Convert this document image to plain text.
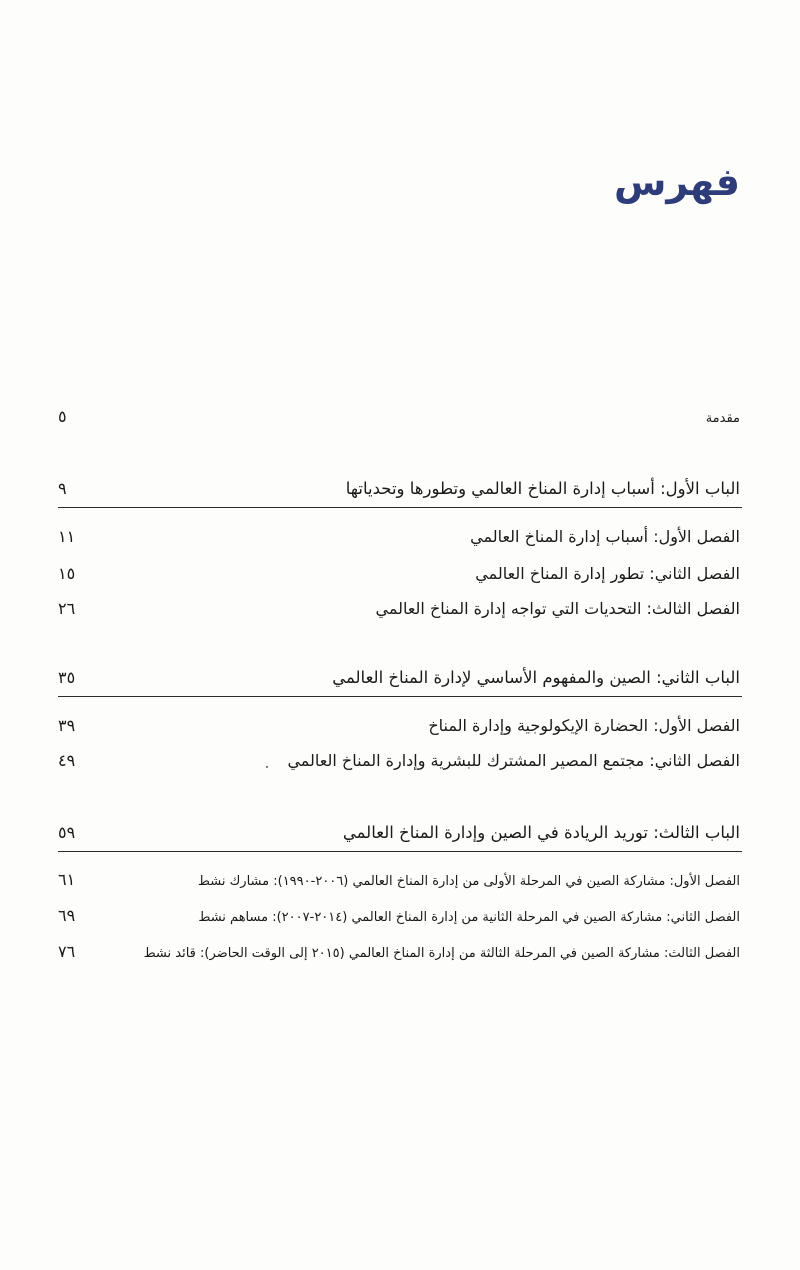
فهرس
مقدمة
٥
الباب الأول: أسباب إدارة المناخ العالمي وتطورها وتحدياتها
٩
الفصل الأول: أسباب إدارة المناخ العالمي
١١
الفصل الثاني: تطور إدارة المناخ العالمي
١٥
الفصل الثالث: التحديات التي تواجه إدارة المناخ العالمي
٢٦
الباب الثاني: الصين والمفهوم الأساسي لإدارة المناخ العالمي
٣٥
الفصل الأول: الحضارة الإيكولوجية وإدارة المناخ
٣٩
الفصل الثاني: مجتمع المصير المشترك للبشرية وإدارة المناخ العالمي
٤٩
الباب الثالث: توريد الريادة في الصين وإدارة المناخ العالمي
٥٩
الفصل الأول: مشاركة الصين في المرحلة الأولى من إدارة المناخ العالمي (٢٠٠٦-١٩٩٠): مشارك نشط
٦١
الفصل الثاني: مشاركة الصين في المرحلة الثانية من إدارة المناخ العالمي (٢٠١٤-٢٠٠٧): مساهم نشط
٦٩
الفصل الثالث: مشاركة الصين في المرحلة الثالثة من إدارة المناخ العالمي (٢٠١٥ إلى الوقت الحاضر): قائد نشط
٧٦
